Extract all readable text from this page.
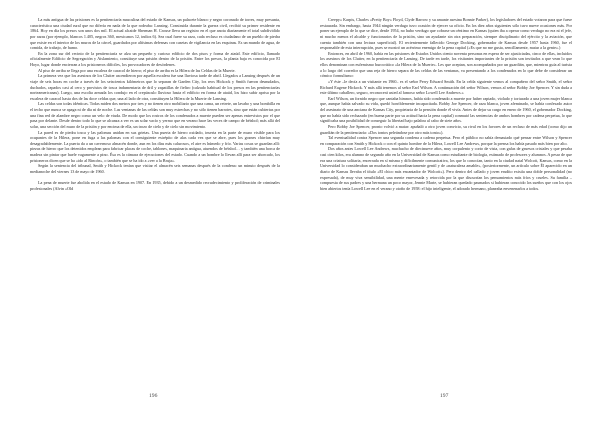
La más antigua de las prisiones es la penitenciaría masculina del estado de Kansas, un palacete blanco y negro coronado de torres, muy presunta, característica una ciudad rural que no difería en nada de la que rodeaba: Lansing. Construida durante la guerra civil, recibió su primer residente en 1864. Hoy en día los presos son unos dos mil. El actual alcaide Sherman H. Crouse lleva un registro en el que anota diariamente el total subdividido por razas (por ejemplo, blancos 1.405, negros 360, mexicanos 12, indios 6). Sea cual fuere su raza, cada recluso es ciudadano de un pueblo de piedra que existe en el interior de los muros de la cárcel, guardados por altísimas defensas con casetas de vigilancia en las esquinas. Es un mundo de agua, de comida, de trabajo, de humo.

En la zona sur del recinto de la penitenciaría se alza un pequeño y curioso edificio de dos pisos y forma de ataúd. Este edificio, llamado oficialmente Edificio de Segregación y Aislamiento, constituye una prisión dentro de la prisión. Entre los presos, la planta baja es conocida por El Hoyo, lugar donde encierran a los prisioneros difíciles, los provocadores de desórdenes.

Al piso de arriba se llega por una escalera de caracol de hierro; el piso de arriba es la Hilera de las Celdas de la Muerte.

La primera vez que los asesinos de los Clutter ascendieron por aquella escalera fue una lluviosa tarde de abril. Llegados a Lansing después de un viaje de seis horas en coche a través de los seiscientos kilómetros que lo separan de Garden City, los reos Hickock y Smith fueron desnudados, duchados, rapados casi al cero y provistos de tosca indumentaria de dril y zapatillas de fieltro (calzado habitual de los presos en las penitenciarías norteamericanas). Luego, una escolta armada los condujo en el crepúsculo lluvioso hasta el edificio en forma de ataúd, los hizo subir aprisa por la escalera de caracol hasta dos de las doce celdas que, una al lado de otra, constituyen la Hilera de la Muerte de Lansing.

Las celdas son todas idénticas. Todas miden dos metros por tres y no tienen otro mobiliario que una cama, un retrete, un lavabo y una bombilla en el techo que nunca se apaga ni de día ni de noche. Las ventanas de las celdas son muy estrechas y no sólo tienen barrotes, sino que están cubiertas por una fina red de alambre negro como un velo de viuda. De modo que los rostros de los condenados a muerte pueden ser apenas entrevistos por el que pasa por delante. Desde dentro todo lo que se alcanza a ver es un solar vacío y yermo que en verano hace las veces de campo de béisbol; más allá del solar, una sección del muro de la prisión y por encima de ella, un trozo de cielo y de cielo sin movimiento.

La pared es de piedra tosca y las palomas anidan en sus grietas. Una puerta de hierro oxidado, inserta en la parte de muro visible para los ocupantes de la Hilera, pone en fuga a las palomas con el consiguiente estrépito de alas cada vez que se abre, pues los goznes chirrían muy desagradablemente. La puerta da a un cavernoso almacén donde, aun en los días más calurosos, el aire es húmedo y frío. Varias cosas se guardan allí: piezas de hierro que los detenidos emplean para fabricar placas de coche, tablones, maquinaria antigua, atuendos de béisbol… y también una horca de madera sin pintar que huele vagamente a pino. Ésa es la cámara de ejecuciones del estado. Cuando a un hombre lo llevan allí para ser ahorcado, los prisioneros dicen que se ha «ido al Rincón», o también que se ha ido a «ver a la Bruja».

Según la sentencia del tribunal, Smith y Hickock tenían que visitar el almacén seis semanas después de la condena: un minuto después de la medianoche del viernes 13 de mayo de 1960.

La pena de muerte fue abolida en el estado de Kansas en 1907. En 1935, debido a un desmedido recrudecimiento y proliferación de criminales profesionales (Alvin «Old

196

Creepy» Karpis, Charles «Pretty Boy» Floyd, Clyde Barrow y su amante asesina Bonnie Parker), los legisladores del estado votaron para que fuese restaurada. Sin embargo, hasta 1944 ningún verdugo tuvo ocasión de ejercer su oficio. En los diez años siguientes sólo tuvo nueve ocasiones más. Por poner un ejemplo de lo que se dice, desde 1954, no hubo verdugo que cobrase un céntimo en Kansas (quien iba a operar como verdugo no era ni el jefe, ni mucho menos el alcalde y funcionarios de la prisión, sino un ayudante sin otra preparación, siempre disciplinario del ejército y la aviación, que cuenta también con una lectura superficial). El recientemente fallecido George Docking, gobernador de Kansas desde 1957 hasta 1960, fue el responsable de esta interrupción, pues se mostró un acérrimo enemigo de la pena capital («Es que no me gusta, sencillamente, matar a la gente».)

Entonces, en abril de 1960, había en las prisiones de Estados Unidos ciento noventa personas en espera de ser ajusticiadas, cinco de ellas, incluidos los asesinos de los Clutter, en la penitenciaría de Lansing. De tarde en tarde, los visitantes importantes de la prisión son invitados a que vean lo que ellos denominan con eufemismo burocrático «la Hilera de la Muerte». Les que aceptan, son acompañados por un guardián, que, mientras guía al turista a lo largo del corredor que una reja de hierro separa de las celdas de las ventanas, va presentando a los condenados en lo que debe de considerar un cómico formulismo:

«Y éste –le decía a un visitante en 1960– es el señor Perry Edward Smith. En la celda siguiente vemos al compañero del señor Smith, el señor Richard Eugene Hickock. Y más allá tenemos al señor Earl Wilson. A continuación del señor Wilson, vemos al señor Bobby Joe Spencer. Y sin duda a este último caballero, seguro, reconocerá usted al famoso señor Lowell Lee Andrews.»

Earl Wilson, un fornido negro que cantaba himnos, había sido condenado a muerte por haber raptado, violado y torturado a una joven mujer blanca que, aunque había salvado su vida, quedó horriblemente incapacitada. Bobby Joe Spencer, de raza blanca, joven afeminado, se había confesado autor del asesinato de una anciana de Kansas City, propietaria de la pensión donde él vivía. Antes de dejar su cargo en enero de 1960, el gobernador Docking, que no había sido rechazado (en buena parte por su actitud hacia la pena capital) conmutó las sentencias de ambos hombres por cadena perpetua, lo que significaba una posibilidad de conseguir la libertad bajo palabra al cabo de siete años.

Pero Bobby Joe Spencer, pronto volvió a matar: apuñaló a otro joven convicto, su rival en los favores de un recluso de más edad (como dijo un guardián de la penitenciaría: «Dos tontos peleándose por otro más tonto»).

Tal eventualidad contra Spencer una segunda condena a cadena perpetua. Pero el público no sabía demasiado qué pensar entre Wilson y Spencer en comparación con Smith y Hickock o con el quinto hombre de la Hilera, Lowell Lee Andrews, porque la prensa los había pasado más bien por alto.

Dos años antes Lowell Lee Andrews, muchacho de diecinueve años, muy corpulento y corto de vista, con gafas de gruesos cristales y que pesaba casi cien kilos, era alumno de segundo año en la Universidad de Kansas como estudiante de biología, estimado de profesores y alumnos. A pesar de que era una criatura solitaria, encerrada en sí misma y difícilmente comunicativa, los que lo conocían, tanto en la ciudad natal Wolcott, Kansas, como en la Universidad lo consideraban un muchacho extraordinariamente gentil y de «naturaleza amable», (posteriormente, un artículo sobre Él aparecido en un diario de Kansas llevaba el título «El chico más encantador de Wolcott»). Pero dentro del callado y joven erudito existía una doble personalidad (no expresada), de muy viva sensibilidad, una mente enrevesada y retorcida por la que discurrían los pensamientos más fríos y crueles. Su familia –compuesta de sus padres y una hermana un poco mayor, Jennie Marie, se hubieran quedado pasmados si hubieran conocido los sueños que con los ojos bien abiertos tenía Lowell Lee en el verano y otoño de 1958: el hijo inteligente, el adorado hermano, planeaba envenenarlos a todos.

197
